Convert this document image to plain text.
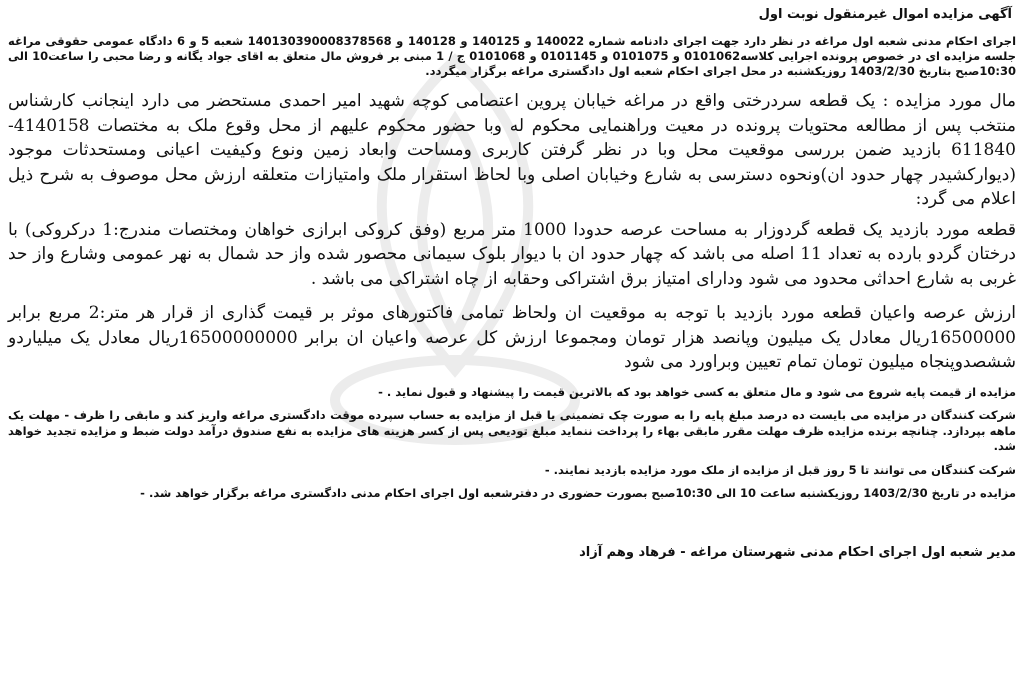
آگهی مزایده اموال غیرمنقول نوبت اول
اجرای احکام مدنی شعبه اول مراغه در نظر دارد جهت اجرای دادنامه شماره 140022 و 140125 و 140128 و 140130390008378568 شعبه 5 و 6 دادگاه عمومی حقوقی مراغه جلسه مزایده ای در خصوص پرونده اجرایی کلاسه0101062 و 0101075 و 0101145 و 0101068 ج / 1 مبنی بر فروش مال متعلق به اقای جواد یگانه و رضا محبی را ساعت10 الی 10:30صبح بتاریخ 1403/2/30 روزیکشنبه در محل اجرای احکام شعبه اول دادگستری مراغه برگزار میگردد.
مال مورد مزایده : یک قطعه سردرختی واقع در مراغه خیابان پروین اعتصامی کوچه شهید امیر احمدی مستحضر می دارد اینجانب کارشناس منتخب پس از مطالعه محتویات پرونده در معیت وراهنمایی محکوم له وبا حضور محکوم علیهم از محل وقوع ملک به مختصات 4140158-611840 بازدید ضمن بررسی موقعیت محل وبا در نظر گرفتن کاربری ومساحت وابعاد زمین ونوع وکیفیت اعیانی ومستحدثات موجود (دیوارکشیدر چهار حدود ان)ونحوه دسترسی به شارع وخیابان اصلی وبا لحاظ استقرار ملک وامتیازات متعلقه ارزش محل موصوف به شرح ذیل اعلام می گرد:
قطعه مورد بازدید یک قطعه گردوزار به مساحت عرصه حدودا 1000 متر مربع (وفق کروکی ابرازی خواهان ومختصات مندرج:1 درکروکی) با درختان گردو بارده به تعداد 11 اصله می باشد که چهار حدود ان با دیوار بلوک سیمانی محصور شده واز حد شمال به نهر عمومی وشارع واز حد غربی به شارع احداثی محدود می شود ودارای امتیاز برق اشتراکی وحقابه از چاه اشتراکی می باشد .
ارزش عرصه واعیان قطعه مورد بازدید با توجه به موقعیت ان ولحاظ تمامی فاکتورهای موثر بر قیمت گذاری از قرار هر متر:2 مربع برابر 16500000ریال معادل یک میلیون وپانصد هزار تومان ومجموعا ارزش کل عرصه واعیان ان برابر 16500000000ریال معادل یک میلیاردو ششصدوپنجاه میلیون تومان تمام تعیین وبراورد می شود
مزایده از قیمت پایه شروع می شود و مال متعلق به کسی خواهد بود که بالاترین قیمت را پیشنهاد و قبول نماید . -
شرکت کنندگان در مزایده می بایست ده درصد مبلغ پایه را به صورت چک تضمینی یا قبل از مزایده به حساب سپرده موقت دادگستری مراغه واریز کند و مابقی را ظرف - مهلت یک ماهه بپردازد. چنانچه برنده مزایده ظرف مهلت مقرر مابقی بهاء را پرداخت ننماید مبلغ تودیعی پس از کسر هزینه های مزایده به نفع صندوق درآمد دولت ضبط و مزایده تجدید خواهد شد.
شرکت کنندگان می توانند تا 5 روز قبل از مزایده از ملک مورد مزایده بازدید نمایند. -
مزایده در تاریخ 1403/2/30 روزیکشنبه ساعت 10 الی 10:30صبح بصورت حضوری در دفترشعبه اول اجرای احکام مدنی دادگستری مراغه برگزار خواهد شد. -
مدیر شعبه اول اجرای احکام مدنی شهرستان مراغه - فرهاد وهم آزاد
